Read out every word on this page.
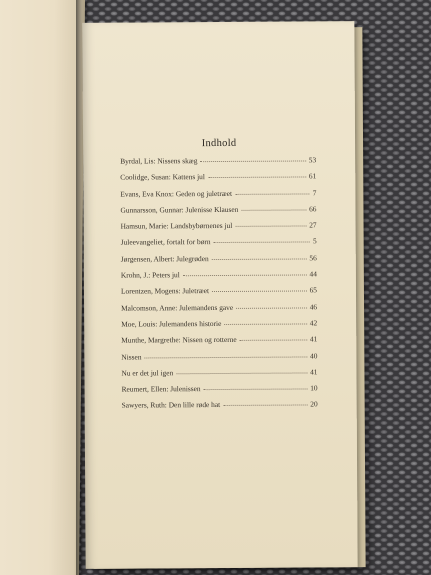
Indhold
Byrdal, Lis: Nissens skæg	53
Coolidge, Susan: Kattens jul	61
Evans, Eva Knox: Geden og juletræet	7
Gunnarsson, Gunnar: Julenisse Klausen	66
Hamsun, Marie: Landsbybørnenes jul	27
Juleevangeliet, fortalt for børn	5
Jørgensen, Albert: Julegrøden	56
Krohn, J.: Peters jul	44
Lorentzen, Mogens: Juletræet	65
Malcomson, Anne: Julemandens gave	46
Moe, Louis: Julemandens historie	42
Munthe, Margrethe: Nissen og rotterne	41
Nissen	40
Nu er det jul igen	41
Reumert, Ellen: Julenissen	10
Sawyers, Ruth: Den lille røde hat	20
